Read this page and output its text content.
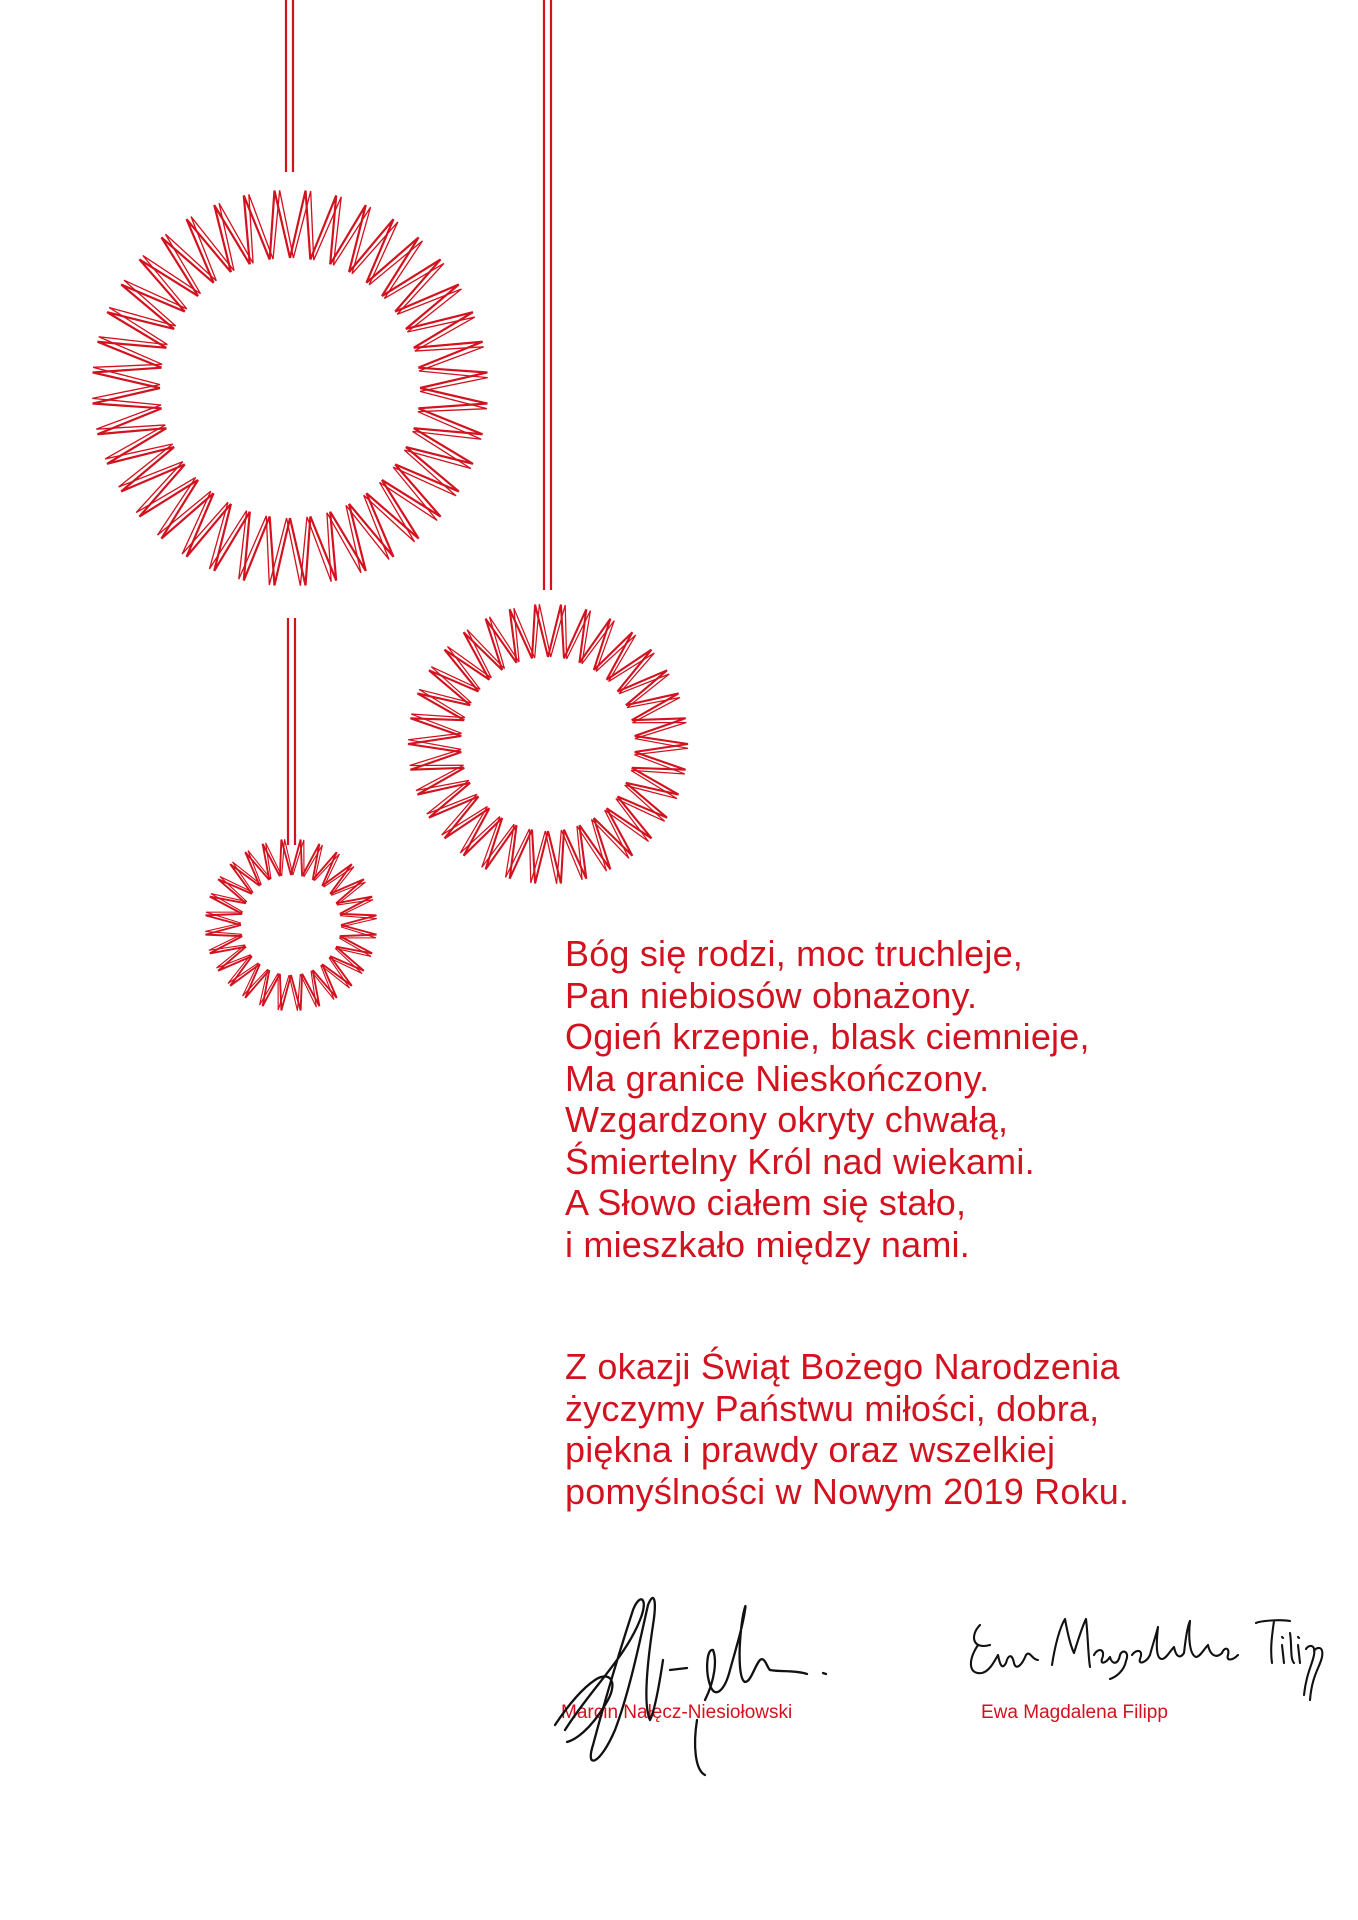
Bóg się rodzi, moc truchleje,
Pan niebiosów obnażony.
Ogień krzepnie, blask ciemnieje,
Ma granice Nieskończony.
Wzgardzony okryty chwałą,
Śmiertelny Król nad wiekami.
A Słowo ciałem się stało,
i mieszkało między nami.
Z okazji Świąt Bożego Narodzenia
życzymy Państwu miłości, dobra,
piękna i prawdy oraz wszelkiej
pomyślności w Nowym 2019 Roku.
Marcin Nałęcz-Niesiołowski	Ewa Magdalena Filipp
